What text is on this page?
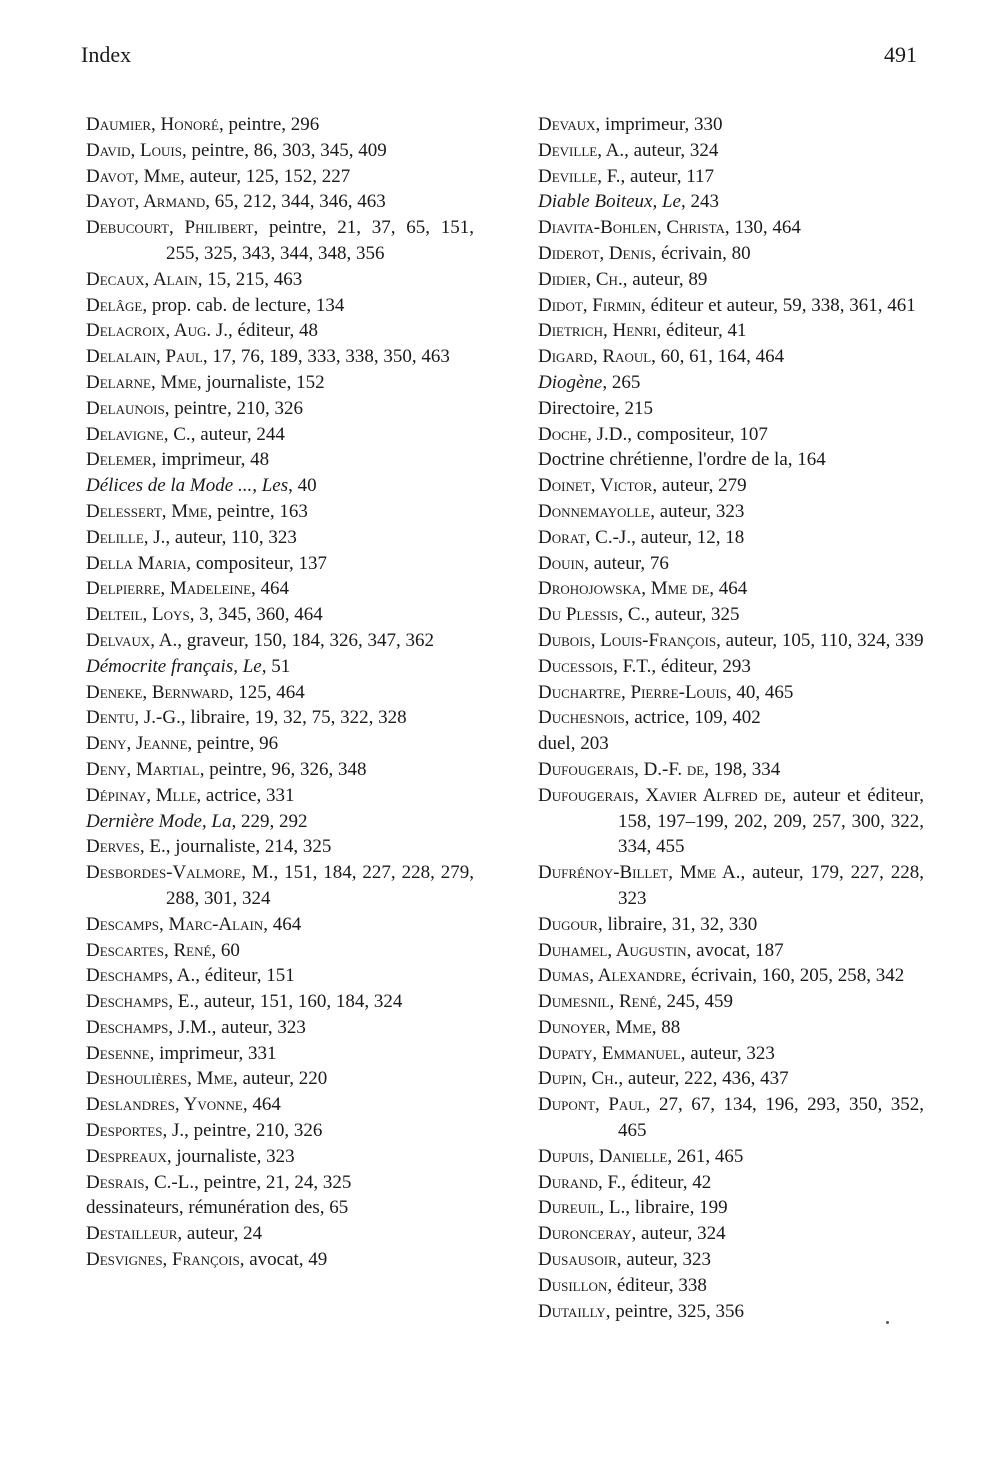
Index	491
Daumier, Honoré, peintre, 296
David, Louis, peintre, 86, 303, 345, 409
Davot, Mme, auteur, 125, 152, 227
Dayot, Armand, 65, 212, 344, 346, 463
Debucourt, Philibert, peintre, 21, 37, 65, 151, 255, 325, 343, 344, 348, 356
Decaux, Alain, 15, 215, 463
Delâge, prop. cab. de lecture, 134
Delacroix, Aug. J., éditeur, 48
Delalain, Paul, 17, 76, 189, 333, 338, 350, 463
Delarne, Mme, journaliste, 152
Delaunois, peintre, 210, 326
Delavigne, C., auteur, 244
Delemer, imprimeur, 48
Délices de la Mode ..., Les, 40
Delessert, Mme, peintre, 163
Delille, J., auteur, 110, 323
Della Maria, compositeur, 137
Delpierre, Madeleine, 464
Delteil, Loys, 3, 345, 360, 464
Delvaux, A., graveur, 150, 184, 326, 347, 362
Démocrite français, Le, 51
Deneke, Bernward, 125, 464
Dentu, J.-G., libraire, 19, 32, 75, 322, 328
Deny, Jeanne, peintre, 96
Deny, Martial, peintre, 96, 326, 348
Dépinay, Mlle, actrice, 331
Dernière Mode, La, 229, 292
Derves, E., journaliste, 214, 325
Desbordes-Valmore, M., 151, 184, 227, 228, 279, 288, 301, 324
Descamps, Marc-Alain, 464
Descartes, René, 60
Deschamps, A., éditeur, 151
Deschamps, E., auteur, 151, 160, 184, 324
Deschamps, J.M., auteur, 323
Desenne, imprimeur, 331
Deshoulières, Mme, auteur, 220
Deslandres, Yvonne, 464
Desportes, J., peintre, 210, 326
Despreaux, journaliste, 323
Desrais, C.-L., peintre, 21, 24, 325
dessinateurs, rémunération des, 65
Destailleur, auteur, 24
Desvignes, François, avocat, 49
Devaux, imprimeur, 330
Deville, A., auteur, 324
Deville, F., auteur, 117
Diable Boiteux, Le, 243
Diavita-Bohlen, Christa, 130, 464
Diderot, Denis, écrivain, 80
Didier, Ch., auteur, 89
Didot, Firmin, éditeur et auteur, 59, 338, 361, 461
Dietrich, Henri, éditeur, 41
Digard, Raoul, 60, 61, 164, 464
Diogène, 265
Directoire, 215
Doche, J.D., compositeur, 107
Doctrine chrétienne, l'ordre de la, 164
Doinet, Victor, auteur, 279
Donnemayolle, auteur, 323
Dorat, C.-J., auteur, 12, 18
Douin, auteur, 76
Drohojowska, Mme de, 464
Du Plessis, C., auteur, 325
Dubois, Louis-François, auteur, 105, 110, 324, 339
Ducessois, F.T., éditeur, 293
Duchartre, Pierre-Louis, 40, 465
Duchesnois, actrice, 109, 402
duel, 203
Dufougerais, D.-F. de, 198, 334
Dufougerais, Xavier Alfred de, auteur et éditeur, 158, 197–199, 202, 209, 257, 300, 322, 334, 455
Dufrénoy-Billet, Mme A., auteur, 179, 227, 228, 323
Dugour, libraire, 31, 32, 330
Duhamel, Augustin, avocat, 187
Dumas, Alexandre, écrivain, 160, 205, 258, 342
Dumesnil, René, 245, 459
Dunoyer, Mme, 88
Dupaty, Emmanuel, auteur, 323
Dupin, Ch., auteur, 222, 436, 437
Dupont, Paul, 27, 67, 134, 196, 293, 350, 352, 465
Dupuis, Danielle, 261, 465
Durand, F., éditeur, 42
Dureuil, L., libraire, 199
Duronceray, auteur, 324
Dusausoir, auteur, 323
Dusillon, éditeur, 338
Dutailly, peintre, 325, 356
